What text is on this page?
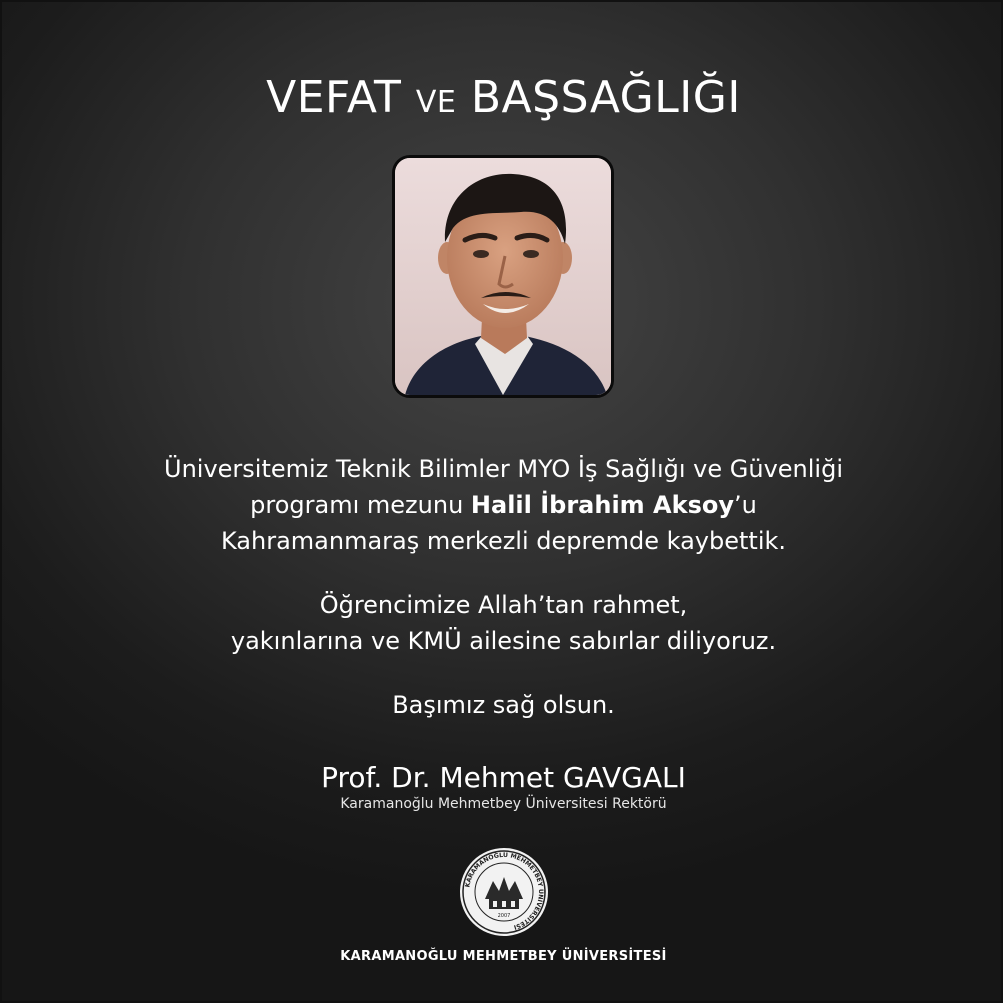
VEFAT VE BAŞSAĞLIĞI

Üniversitemiz Teknik Bilimler MYO İş Sağlığı ve Güvenliği

programı mezunu Halil İbrahim Aksoy’u

Kahramanmaraş merkezli depremde kaybettik.

Öğrencimize Allah’tan rahmet,

yakınlarına ve KMÜ ailesine sabırlar diliyoruz.

Başımız sağ olsun.

Prof. Dr. Mehmet GAVGALI
Karamanoğlu Mehmetbey Üniversitesi Rektörü
KARAMANOĞLU MEHMETBEY ÜNİVERSİTESİ
2007
KARAMANOĞLU MEHMETBEY ÜNİVERSİTESİ
